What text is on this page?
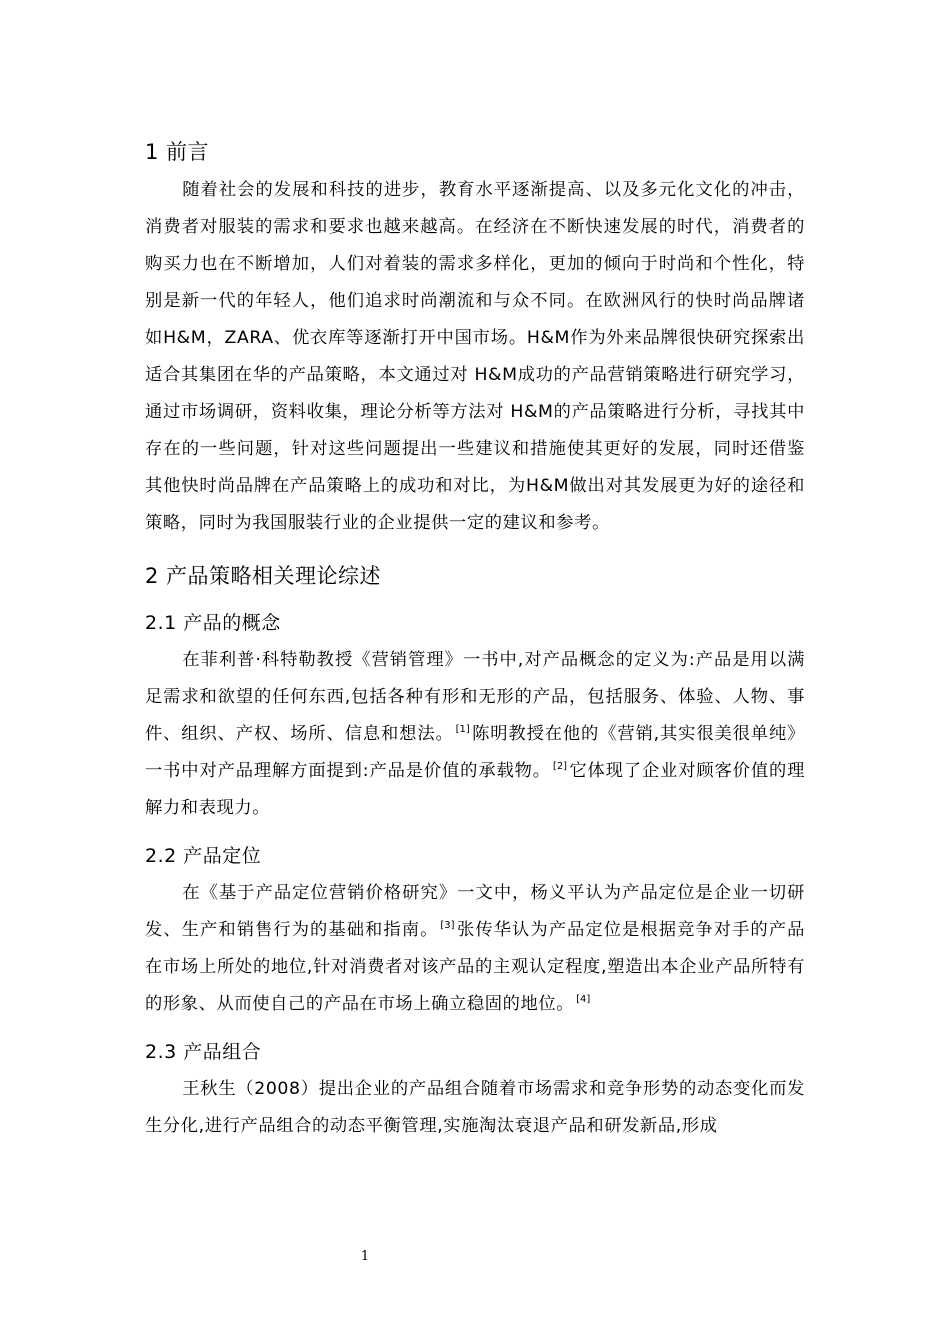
1 前言

随着社会的发展和科技的进步，教育水平逐渐提高、以及多元化文化的冲击，消费者对服装的需求和要求也越来越高。在经济在不断快速发展的时代，消费者的购买力也在不断增加，人们对着装的需求多样化，更加的倾向于时尚和个性化，特别是新一代的年轻人，他们追求时尚潮流和与众不同。在欧洲风行的快时尚品牌诸如H&M，ZARA、优衣库等逐渐打开中国市场。H&M作为外来品牌很快研究探索出适合其集团在华的产品策略，本文通过对 H&M成功的产品营销策略进行研究学习，通过市场调研，资料收集，理论分析等方法对 H&M的产品策略进行分析，寻找其中存在的一些问题，针对这些问题提出一些建议和措施使其更好的发展，同时还借鉴其他快时尚品牌在产品策略上的成功和对比，为H&M做出对其发展更为好的途径和策略，同时为我国服装行业的企业提供一定的建议和参考。

2 产品策略相关理论综述
2.1 产品的概念

在菲利普·科特勒教授《营销管理》一书中,对产品概念的定义为:产品是用以满足需求和欲望的任何东西,包括各种有形和无形的产品，包括服务、体验、人物、事件、组织、产权、场所、信息和想法。 [1] 陈明教授在他的《营销,其实很美很单纯》一书中对产品理解方面提到:产品是价值的承载物。 [2] 它体现了企业对顾客价值的理解力和表现力。

2.2 产品定位

在《基于产品定位营销价格研究》一文中，杨义平认为产品定位是企业一切研发、生产和销售行为的基础和指南。 [3] 张传华认为产品定位是根据竞争对手的产品在市场上所处的地位,针对消费者对该产品的主观认定程度,塑造出本企业产品所特有的形象、从而使自己的产品在市场上确立稳固的地位。 [4]

2.3 产品组合

王秋生（2008）提出企业的产品组合随着市场需求和竞争形势的动态变化而发生分化,进行产品组合的动态平衡管理,实施淘汰衰退产品和研发新品,形成

1
